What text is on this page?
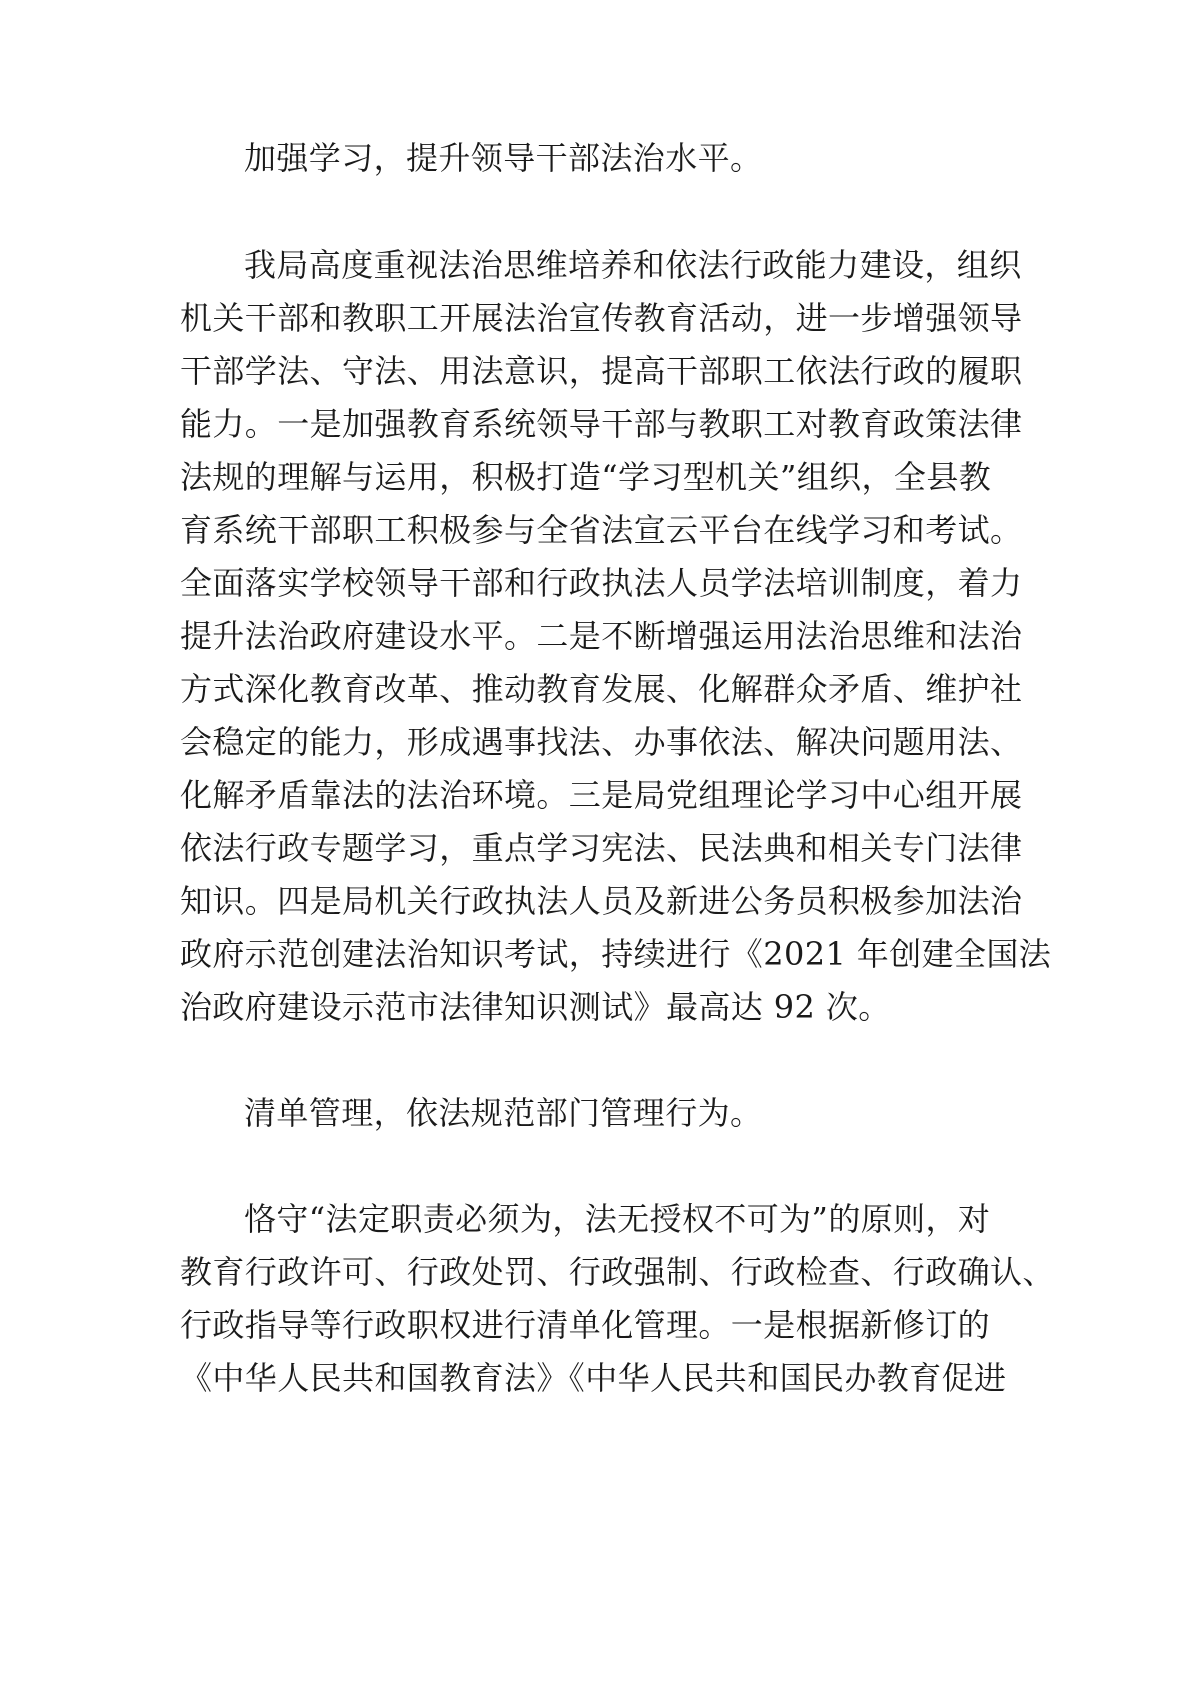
加强学习，提升领导干部法治水平。
我局高度重视法治思维培养和依法行政能力建设，组织
机关干部和教职工开展法治宣传教育活动，进一步增强领导
干部学法、守法、用法意识，提高干部职工依法行政的履职
能力。一是加强教育系统领导干部与教职工对教育政策法律
法规的理解与运用，积极打造“学习型机关”组织，全县教
育系统干部职工积极参与全省法宣云平台在线学习和考试。
全面落实学校领导干部和行政执法人员学法培训制度，着力
提升法治政府建设水平。二是不断增强运用法治思维和法治
方式深化教育改革、推动教育发展、化解群众矛盾、维护社
会稳定的能力，形成遇事找法、办事依法、解决问题用法、
化解矛盾靠法的法治环境。三是局党组理论学习中心组开展
依法行政专题学习，重点学习宪法、民法典和相关专门法律
知识。四是局机关行政执法人员及新进公务员积极参加法治
政府示范创建法治知识考试，持续进行《2021 年创建全国法
治政府建设示范市法律知识测试》最高达 92 次。
清单管理，依法规范部门管理行为。
恪守“法定职责必须为，法无授权不可为”的原则，对
教育行政许可、行政处罚、行政强制、行政检查、行政确认、
行政指导等行政职权进行清单化管理。一是根据新修订的
《中华人民共和国教育法》《中华人民共和国民办教育促进
